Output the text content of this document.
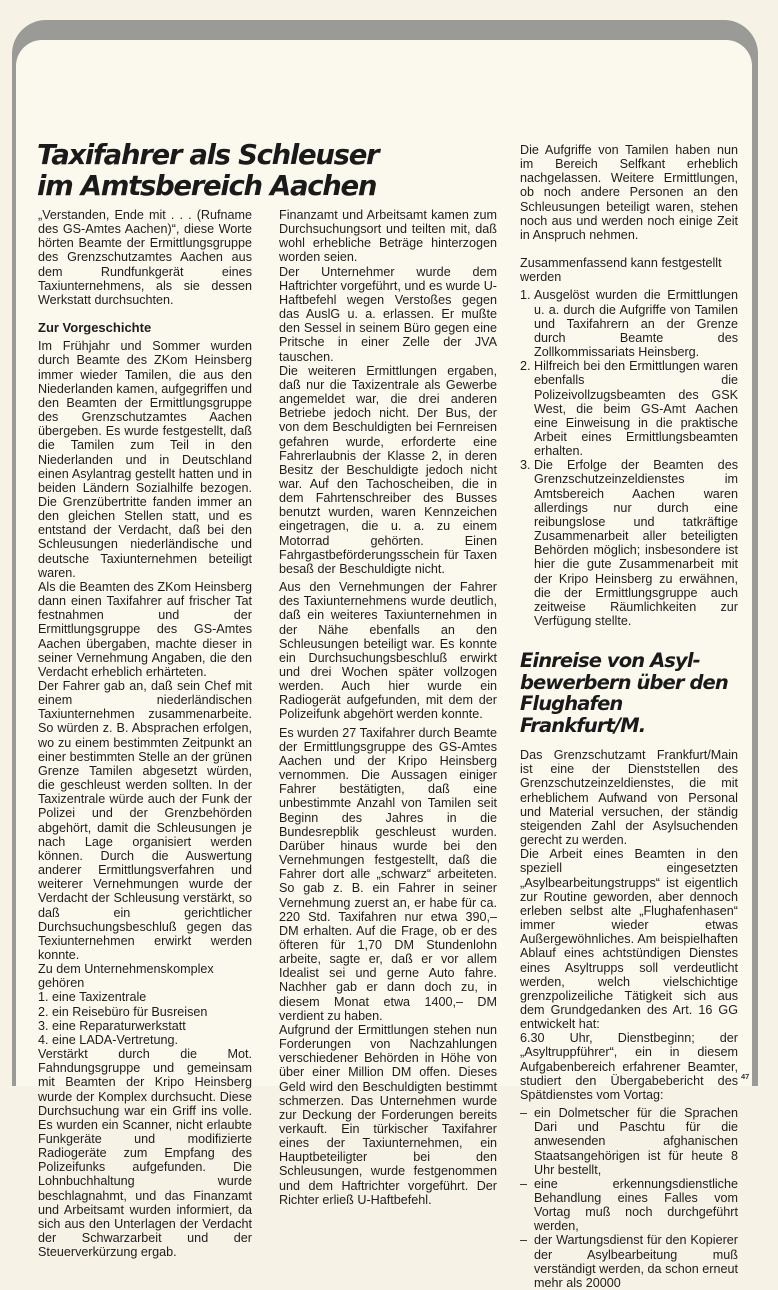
Taxifahrer als Schleuser
im Amtsbereich Aachen

„Verstanden, Ende mit . . . (Rufname des GS-Amtes Aachen)“, diese Worte hörten Beamte der Ermittlungsgruppe des Grenzschutzamtes Aachen aus dem Rundfunkgerät eines Taxiunternehmens, als sie dessen Werkstatt durchsuchten.

Zur Vorgeschichte

Im Frühjahr und Sommer wurden durch Beamte des ZKom Heinsberg immer wieder Tamilen, die aus den Niederlanden kamen, aufgegriffen und den Beamten der Ermittlungsgruppe des Grenzschutzamtes Aachen übergeben. Es wurde festgestellt, daß die Tamilen zum Teil in den Niederlanden und in Deutschland einen Asylantrag gestellt hatten und in beiden Ländern Sozialhilfe bezogen. Die Grenzübertritte fanden immer an den gleichen Stellen statt, und es entstand der Verdacht, daß bei den Schleusungen niederländische und deutsche Taxiunternehmen beteiligt waren.

Als die Beamten des ZKom Heinsberg dann einen Taxifahrer auf frischer Tat festnahmen und der Ermittlungsgruppe des GS-Amtes Aachen übergaben, machte dieser in seiner Vernehmung Angaben, die den Verdacht erheblich erhärteten.

Der Fahrer gab an, daß sein Chef mit einem niederländischen Taxiunternehmen zusammenarbeite. So würden z. B. Absprachen erfolgen, wo zu einem bestimmten Zeitpunkt an einer bestimmten Stelle an der grünen Grenze Tamilen abgesetzt würden, die geschleust werden sollten. In der Taxizentrale würde auch der Funk der Polizei und der Grenzbehörden abgehört, damit die Schleusungen je nach Lage organisiert werden können. Durch die Auswertung anderer Ermittlungsverfahren und weiterer Vernehmungen wurde der Verdacht der Schleusung verstärkt, so daß ein gerichtlicher Durchsuchungsbeschluß gegen das Texiunternehmen erwirkt werden konnte.

Zu dem Unternehmenskomplex gehören

1. eine Taxizentrale
2. ein Reisebüro für Busreisen
3. eine Reparaturwerkstatt
4. eine LADA-Vertretung.

Verstärkt durch die Mot. Fahndungsgruppe und gemeinsam mit Beamten der Kripo Heinsberg wurde der Komplex durchsucht. Diese Durchsuchung war ein Griff ins volle. Es wurden ein Scanner, nicht erlaubte Funkgeräte und modifizierte Radiogeräte zum Empfang des Polizeifunks aufgefunden. Die Lohnbuchhaltung wurde beschlagnahmt, und das Finanzamt und Arbeitsamt wurden informiert, da sich aus den Unterlagen der Verdacht der Schwarzarbeit und der Steuerverkürzung ergab.

Finanzamt und Arbeitsamt kamen zum Durchsuchungsort und teilten mit, daß wohl erhebliche Beträge hinterzogen worden seien.

Der Unternehmer wurde dem Haftrichter vorgeführt, und es wurde U-Haftbefehl wegen Verstoßes gegen das AuslG u. a. erlassen. Er mußte den Sessel in seinem Büro gegen eine Pritsche in einer Zelle der JVA tauschen.

Die weiteren Ermittlungen ergaben, daß nur die Taxizentrale als Gewerbe angemeldet war, die drei anderen Betriebe jedoch nicht. Der Bus, der von dem Beschuldigten bei Fernreisen gefahren wurde, erforderte eine Fahrerlaubnis der Klasse 2, in deren Besitz der Beschuldigte jedoch nicht war. Auf den Tachoscheiben, die in dem Fahrtenschreiber des Busses benutzt wurden, waren Kennzeichen eingetragen, die u. a. zu einem Motorrad gehörten. Einen Fahrgastbeförderungsschein für Taxen besaß der Beschuldigte nicht.

Aus den Vernehmungen der Fahrer des Taxiunternehmens wurde deutlich, daß ein weiteres Taxiunternehmen in der Nähe ebenfalls an den Schleusungen beteiligt war. Es konnte ein Durchsuchungsbeschluß erwirkt und drei Wochen später vollzogen werden. Auch hier wurde ein Radiogerät aufgefunden, mit dem der Polizeifunk abgehört werden konnte.

Es wurden 27 Taxifahrer durch Beamte der Ermittlungsgruppe des GS-Amtes Aachen und der Kripo Heinsberg vernommen. Die Aussagen einiger Fahrer bestätigten, daß eine unbestimmte Anzahl von Tamilen seit Beginn des Jahres in die Bundesrepblik geschleust wurden. Darüber hinaus wurde bei den Vernehmungen festgestellt, daß die Fahrer dort alle „schwarz“ arbeiteten. So gab z. B. ein Fahrer in seiner Vernehmung zuerst an, er habe für ca. 220 Std. Taxifahren nur etwa 390,– DM erhalten. Auf die Frage, ob er des öfteren für 1,70 DM Stundenlohn arbeite, sagte er, daß er vor allem Idealist sei und gerne Auto fahre. Nachher gab er dann doch zu, in diesem Monat etwa 1400,– DM verdient zu haben.

Aufgrund der Ermittlungen stehen nun Forderungen von Nachzahlungen verschiedener Behörden in Höhe von über einer Million DM offen. Dieses Geld wird den Beschuldigten bestimmt schmerzen. Das Unternehmen wurde zur Deckung der Forderungen bereits verkauft. Ein türkischer Taxifahrer eines der Taxiunternehmen, ein Hauptbeteiligter bei den Schleusungen, wurde festgenommen und dem Haftrichter vorgeführt. Der Richter erließ U-Haftbefehl.

Die Aufgriffe von Tamilen haben nun im Bereich Selfkant erheblich nachgelassen. Weitere Ermittlungen, ob noch andere Personen an den Schleusungen beteiligt waren, stehen noch aus und werden noch einige Zeit in Anspruch nehmen.

Zusammenfassend kann festgestellt werden

1. Ausgelöst wurden die Ermittlungen u. a. durch die Aufgriffe von Tamilen und Taxifahrern an der Grenze durch Beamte des Zollkommissariats Heinsberg.
2. Hilfreich bei den Ermittlungen waren ebenfalls die Polizeivollzugsbeamten des GSK West, die beim GS-Amt Aachen eine Einweisung in die praktische Arbeit eines Ermittlungsbeamten erhalten.
3. Die Erfolge der Beamten des Grenzschutzeinzeldienstes im Amtsbereich Aachen waren allerdings nur durch eine reibungslose und tatkräftige Zusammenarbeit aller beteiligten Behörden möglich; insbesondere ist hier die gute Zusammenarbeit mit der Kripo Heinsberg zu erwähnen, die der Ermittlungsgruppe auch zeitweise Räumlichkeiten zur Verfügung stellte.
Einreise von Asyl-
bewerbern über den
Flughafen Frankfurt/M.

Das Grenzschutzamt Frankfurt/Main ist eine der Dienststellen des Grenzschutzeinzeldienstes, die mit erheblichem Aufwand von Personal und Material versuchen, der ständig steigenden Zahl der Asylsuchenden gerecht zu werden.

Die Arbeit eines Beamten in den speziell eingesetzten „Asylbearbeitungstrupps“ ist eigentlich zur Routine geworden, aber dennoch erleben selbst alte „Flughafenhasen“ immer wieder etwas Außergewöhnliches. Am beispielhaften Ablauf eines achtstündigen Dienstes eines Asyltrupps soll verdeutlicht werden, welch vielschichtige grenzpolizeiliche Tätigkeit sich aus dem Grundgedanken des Art. 16 GG entwickelt hat:

6.30 Uhr, Dienstbeginn; der „Asyltruppführer“, ein in diesem Aufgabenbereich erfahrener Beamter, studiert den Übergabebericht des Spätdienstes vom Vortag:

– ein Dolmetscher für die Sprachen Dari und Paschtu für die anwesenden afghanischen Staatsangehörigen ist für heute 8 Uhr bestellt,
– eine erkennungsdienstliche Behandlung eines Falles vom Vortag muß noch durchgeführt werden,
– der Wartungsdienst für den Kopierer der Asylbearbeitung muß verständigt werden, da schon erneut mehr als 20000
47
